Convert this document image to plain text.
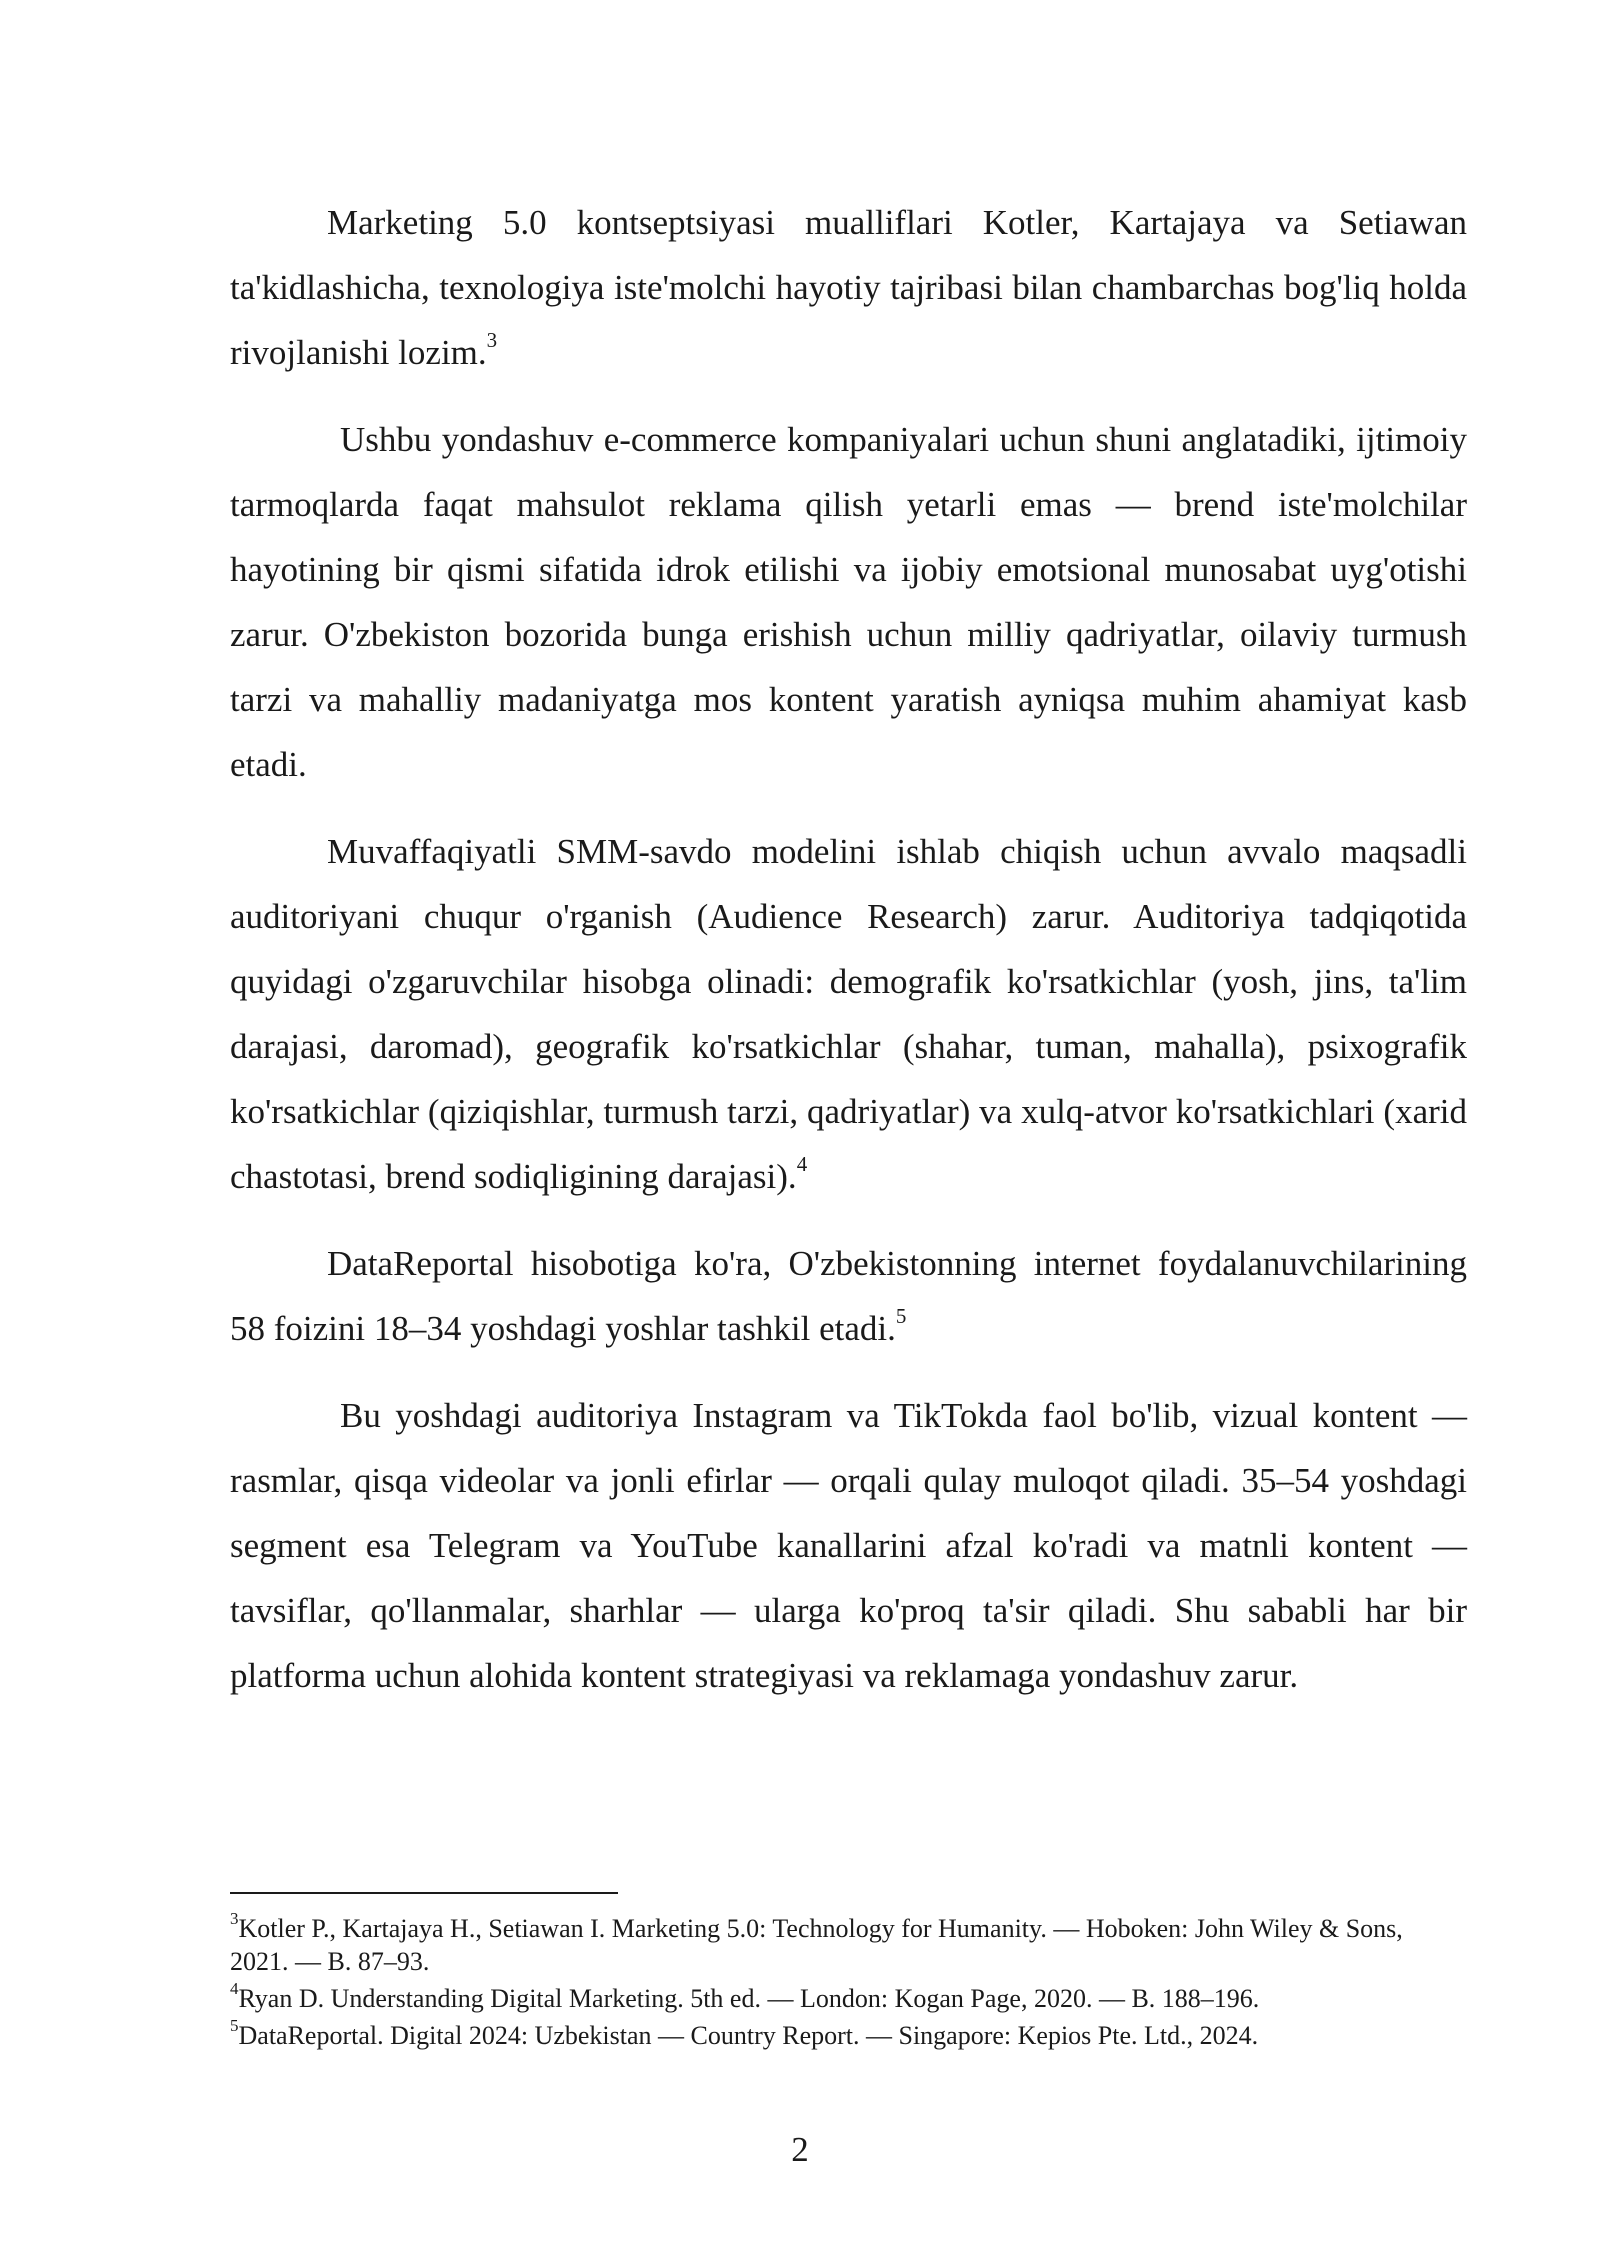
Marketing 5.0 kontseptsiyasi mualliflari Kotler, Kartajaya va Setiawan ta'kidlashicha, texnologiya iste'molchi hayotiy tajribasi bilan chambarchas bog'liq holda rivojlanishi lozim.$^3$

Ushbu yondashuv e-commerce kompaniyalari uchun shuni anglatadiki, ijtimoiy tarmoqlarda faqat mahsulot reklama qilish yetarli emas — brend iste'molchilar hayotining bir qismi sifatida idrok etilishi va ijobiy emotsional munosabat uyg'otishi zarur. O'zbekiston bozorida bunga erishish uchun milliy qadriyatlar, oilaviy turmush tarzi va mahalliy madaniyatga mos kontent yaratish ayniqsa muhim ahamiyat kasb etadi.

Muvaffaqiyatli SMM-savdo modelini ishlab chiqish uchun avvalo maqsadli auditoriyani chuqur o'rganish (Audience Research) zarur. Auditoriya tadqiqotida quyidagi o'zgaruvchilar hisobga olinadi: demografik ko'rsatkichlar (yosh, jins, ta'lim darajasi, daromad), geografik ko'rsatkichlar (shahar, tuman, mahalla), psixografik ko'rsatkichlar (qiziqishlar, turmush tarzi, qadriyatlar) va xulq-atvor ko'rsatkichlari (xarid chastotasi, brend sodiqligining darajasi).$^4$

DataReportal hisobotiga ko'ra, O'zbekistonning internet foydalanuvchilarining 58 foizini 18–34 yoshdagi yoshlar tashkil etadi.$^5$

Bu yoshdagi auditoriya Instagram va TikTokda faol bo'lib, vizual kontent — rasmlar, qisqa videolar va jonli efirlar — orqali qulay muloqot qiladi. 35–54 yoshdagi segment esa Telegram va YouTube kanallarini afzal ko'radi va matnli kontent — tavsiflar, qo'llanmalar, sharhlar — ularga ko'proq ta'sir qiladi. Shu sababli har bir platforma uchun alohida kontent strategiyasi va reklamaga yondashuv zarur.

$^3$Kotler P., Kartajaya H., Setiawan I. Marketing 5.0: Technology for Humanity. — Hoboken: John Wiley & Sons, 2021. — B. 87–93.

$^4$Ryan D. Understanding Digital Marketing. 5th ed. — London: Kogan Page, 2020. — B. 188–196.

$^5$DataReportal. Digital 2024: Uzbekistan — Country Report. — Singapore: Kepios Pte. Ltd., 2024.

2
